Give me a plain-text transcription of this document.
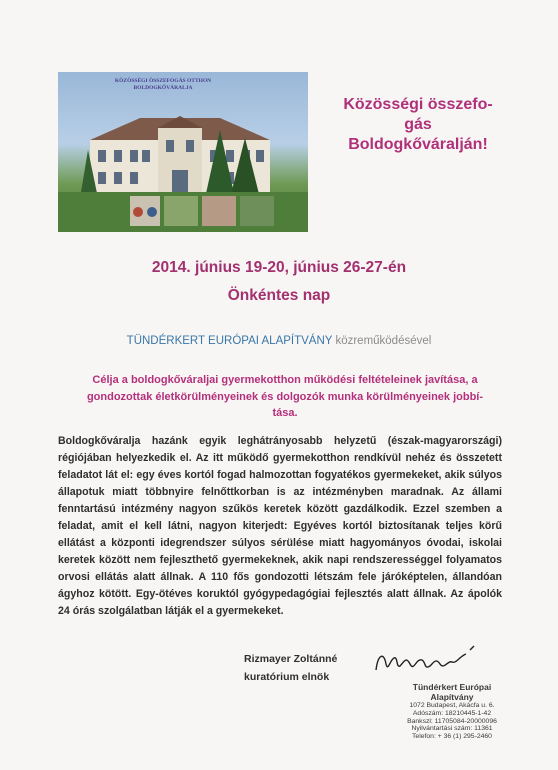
KÖZÖSSÉGI ÖSSZEFOGÁS OTTHON
BOLDOGKŐVÁRALJA
Közösségi összefo-
gás
Boldogkőváralján!
2014. június 19-20, június 26-27-én
Önkéntes nap
TÜNDÉRKERT EURÓPAI ALAPÍTVÁNY közreműködésével
Célja a boldogkőváraljai gyermekotthon működési feltételeinek javítása, a
gondozottak életkörülményeinek és dolgozók munka körülményeinek jobbí-
tása.
Boldogkőváralja hazánk egyik leghátrányosabb helyzetű (észak-magyarországi) régiójában helyezkedik el. Az itt működő gyermekotthon rendkívül nehéz és összetett feladatot lát el: egy éves kortól fogad halmozottan fogyatékos gyermekeket, akik súlyos állapotuk miatt többnyire felnőttkorban is az intézményben maradnak. Az állami fenntartású intézmény nagyon szűkös keretek között gazdálkodik. Ezzel szemben a feladat, amit el kell látni, nagyon kiterjedt: Egyéves kortól biztosítanak teljes körű ellátást a központi idegrendszer súlyos sérülése miatt hagyományos óvodai, iskolai keretek között nem fejleszthető gyermekeknek, akik napi rendszerességgel folyamatos orvosi ellátás alatt állnak. A 110 fős gondozotti létszám fele járóképtelen, állandóan ágyhoz kötött. Egy-ötéves koruktól gyógypedagógiai fejlesztés alatt állnak. Az ápolók 24 órás szolgálatban látják el a gyermekeket.
Rizmayer Zoltánné
kuratórium elnök
Tündérkert Európai Alapítvány
1072 Budapest, Akácfa u. 6.
Adószám: 18210445-1-42
Bankszl: 11705084-20000096
Nyilvántartási szám: 11361
Telefon: + 36 (1) 295-2460
